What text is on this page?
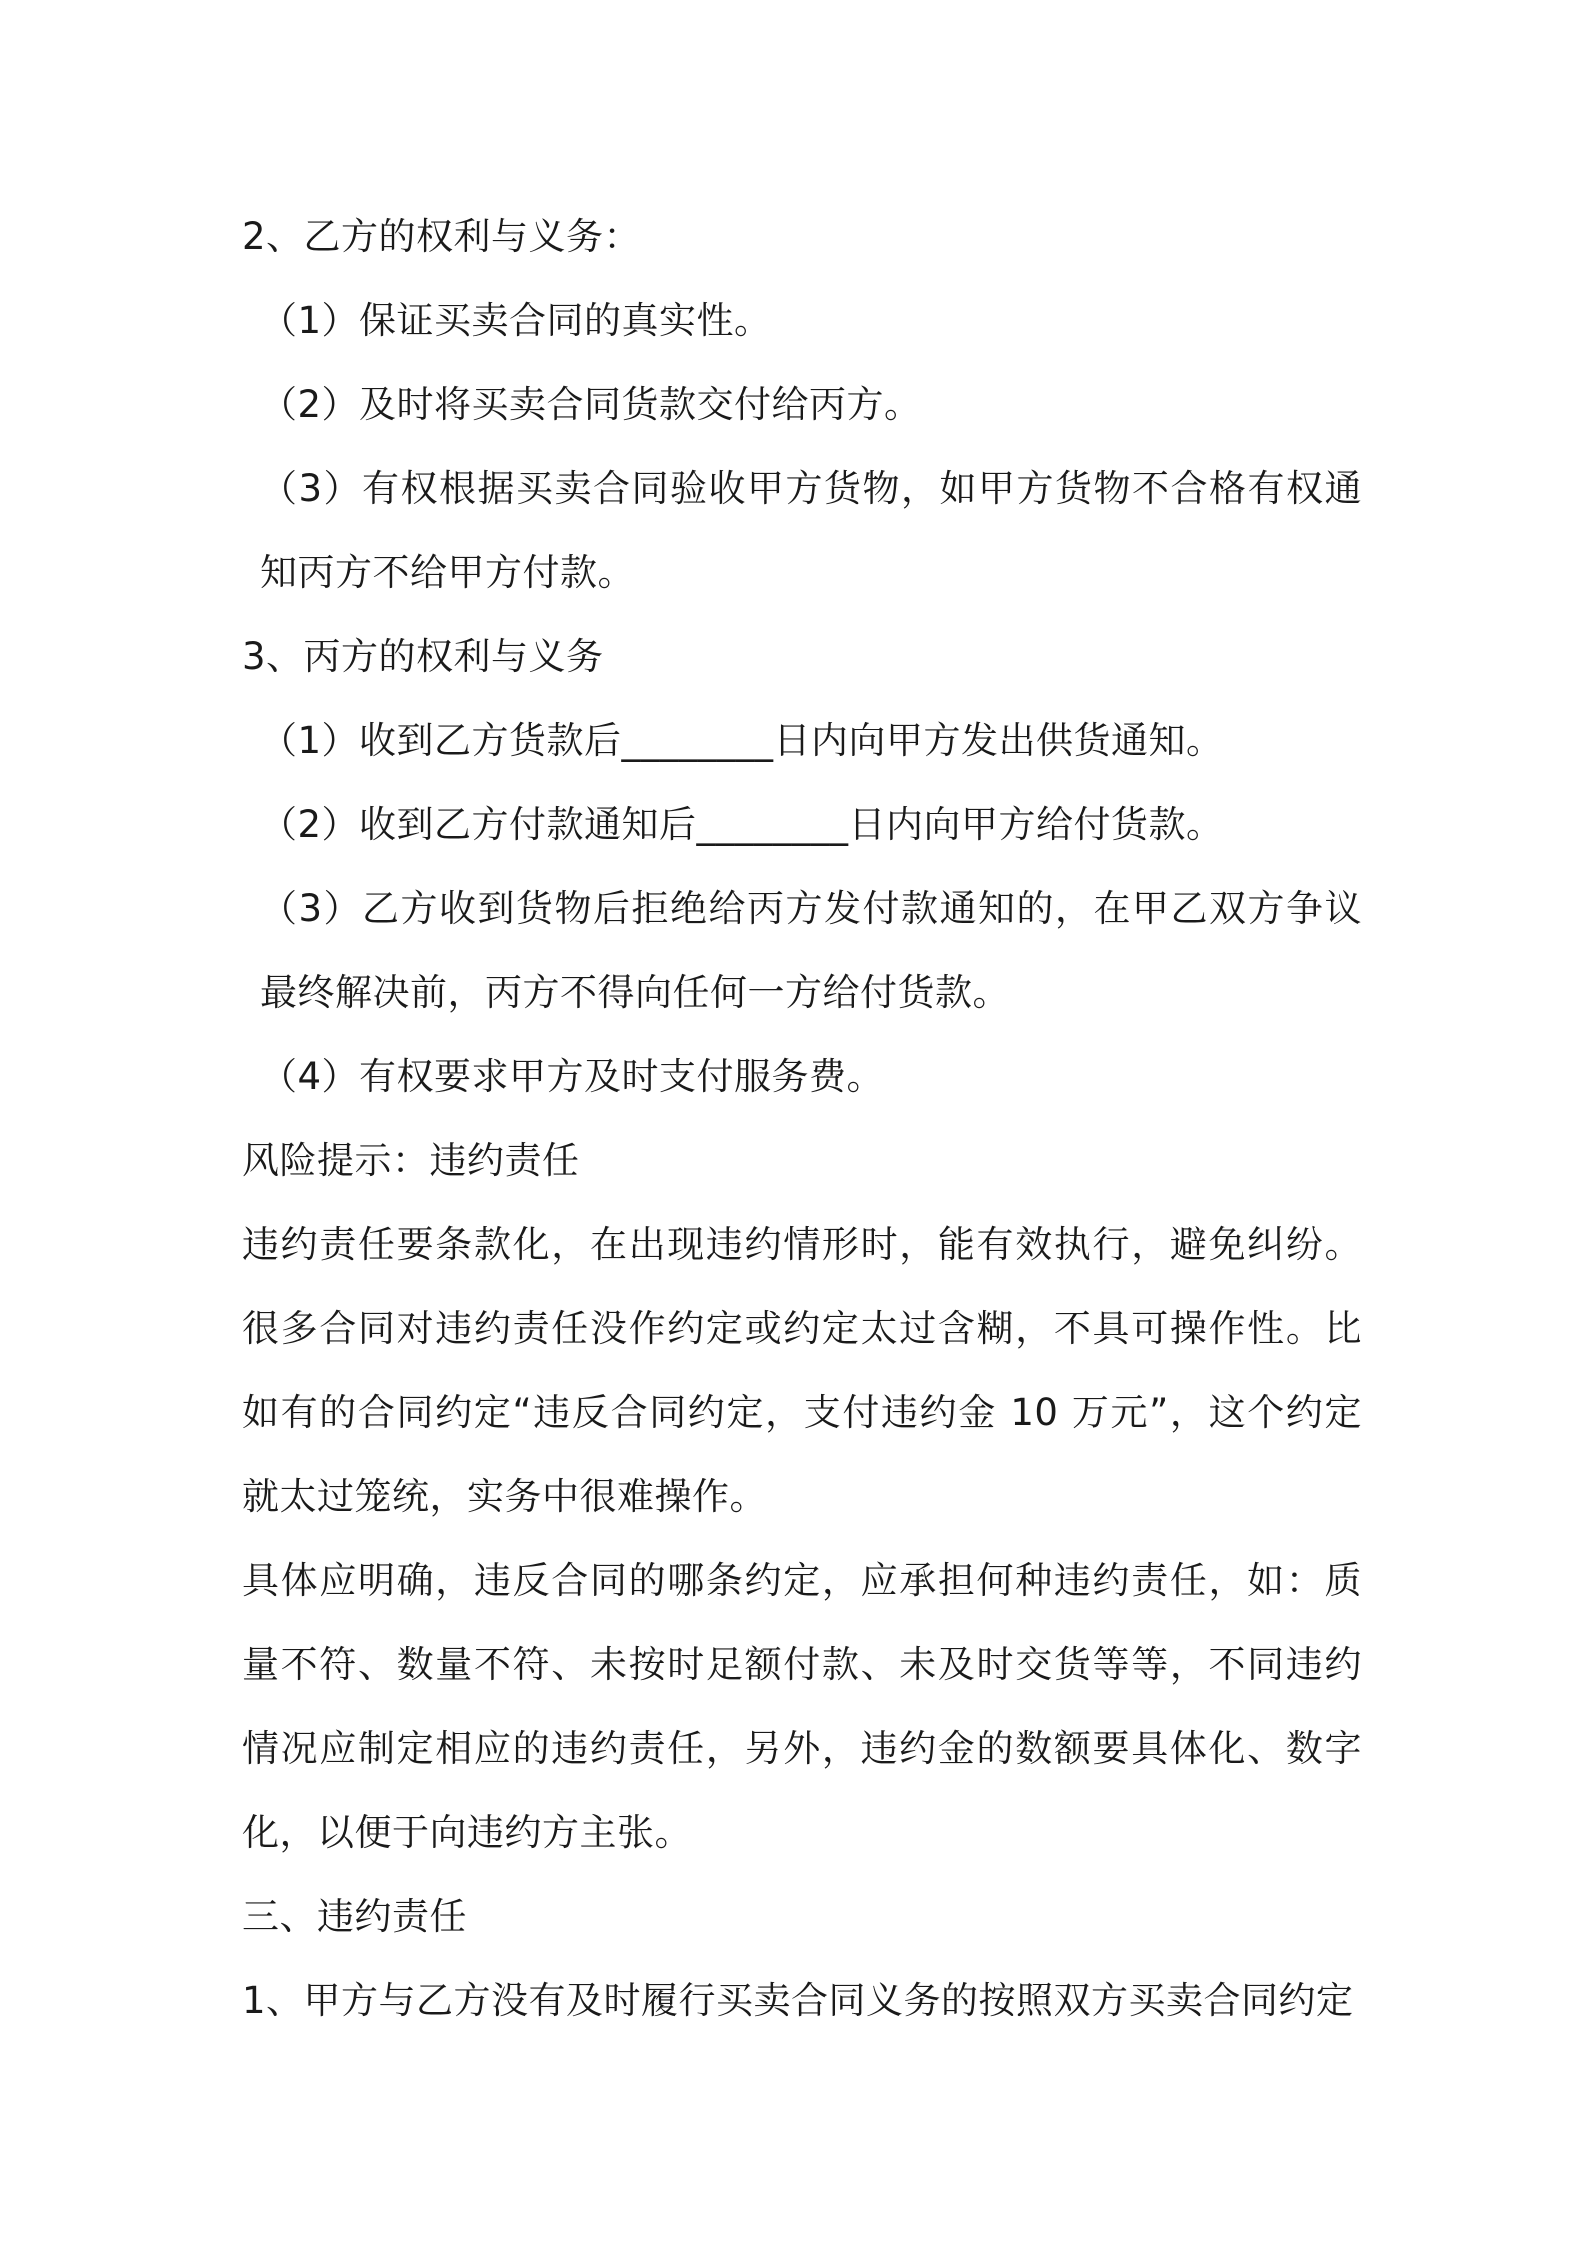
2、乙方的权利与义务：
（1）保证买卖合同的真实性。
（2）及时将买卖合同货款交付给丙方。

（3）有权根据买卖合同验收甲方货物，如甲方货物不合格有权通知丙方不给甲方付款。

3、丙方的权利与义务
（1）收到乙方货款后________日内向甲方发出供货通知。
（2）收到乙方付款通知后________日内向甲方给付货款。

（3）乙方收到货物后拒绝给丙方发付款通知的，在甲乙双方争议最终解决前，丙方不得向任何一方给付货款。

（4）有权要求甲方及时支付服务费。
风险提示：违约责任

违约责任要条款化，在出现违约情形时，能有效执行，避免纠纷。很多合同对违约责任没作约定或约定太过含糊，不具可操作性。比如有的合同约定“违反合同约定，支付违约金 10 万元”，这个约定就太过笼统，实务中很难操作。

具体应明确，违反合同的哪条约定，应承担何种违约责任，如：质量不符、数量不符、未按时足额付款、未及时交货等等，不同违约情况应制定相应的违约责任，另外，违约金的数额要具体化、数字化，以便于向违约方主张。

三、违约责任
1、甲方与乙方没有及时履行买卖合同义务的按照双方买卖合同约定
